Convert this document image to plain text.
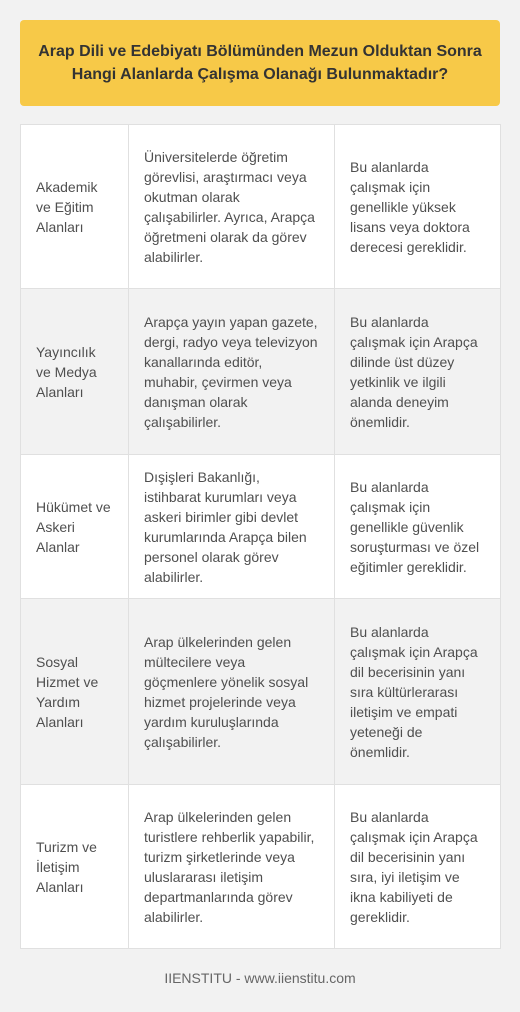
Arap Dili ve Edebiyatı Bölümünden Mezun Olduktan Sonra Hangi Alanlarda Çalışma Olanağı Bulunmaktadır?
Akademik ve Eğitim Alanları	Üniversitelerde öğretim görevlisi, araştırmacı veya okutman olarak çalışabilirler. Ayrıca, Arapça öğretmeni olarak da görev alabilirler.	Bu alanlarda çalışmak için genellikle yüksek lisans veya doktora derecesi gereklidir.
Yayıncılık ve Medya Alanları	Arapça yayın yapan gazete, dergi, radyo veya televizyon kanallarında editör, muhabir, çevirmen veya danışman olarak çalışabilirler.	Bu alanlarda çalışmak için Arapça dilinde üst düzey yetkinlik ve ilgili alanda deneyim önemlidir.
Hükümet ve Askeri Alanlar	Dışişleri Bakanlığı, istihbarat kurumları veya askeri birimler gibi devlet kurumlarında Arapça bilen personel olarak görev alabilirler.	Bu alanlarda çalışmak için genellikle güvenlik soruşturması ve özel eğitimler gereklidir.
Sosyal Hizmet ve Yardım Alanları	Arap ülkelerinden gelen mültecilere veya göçmenlere yönelik sosyal hizmet projelerinde veya yardım kuruluşlarında çalışabilirler.	Bu alanlarda çalışmak için Arapça dil becerisinin yanı sıra kültürlerarası iletişim ve empati yeteneği de önemlidir.
Turizm ve İletişim Alanları	Arap ülkelerinden gelen turistlere rehberlik yapabilir, turizm şirketlerinde veya uluslararası iletişim departmanlarında görev alabilirler.	Bu alanlarda çalışmak için Arapça dil becerisinin yanı sıra, iyi iletişim ve ikna kabiliyeti de gereklidir.
IIENSTITU - www.iienstitu.com
